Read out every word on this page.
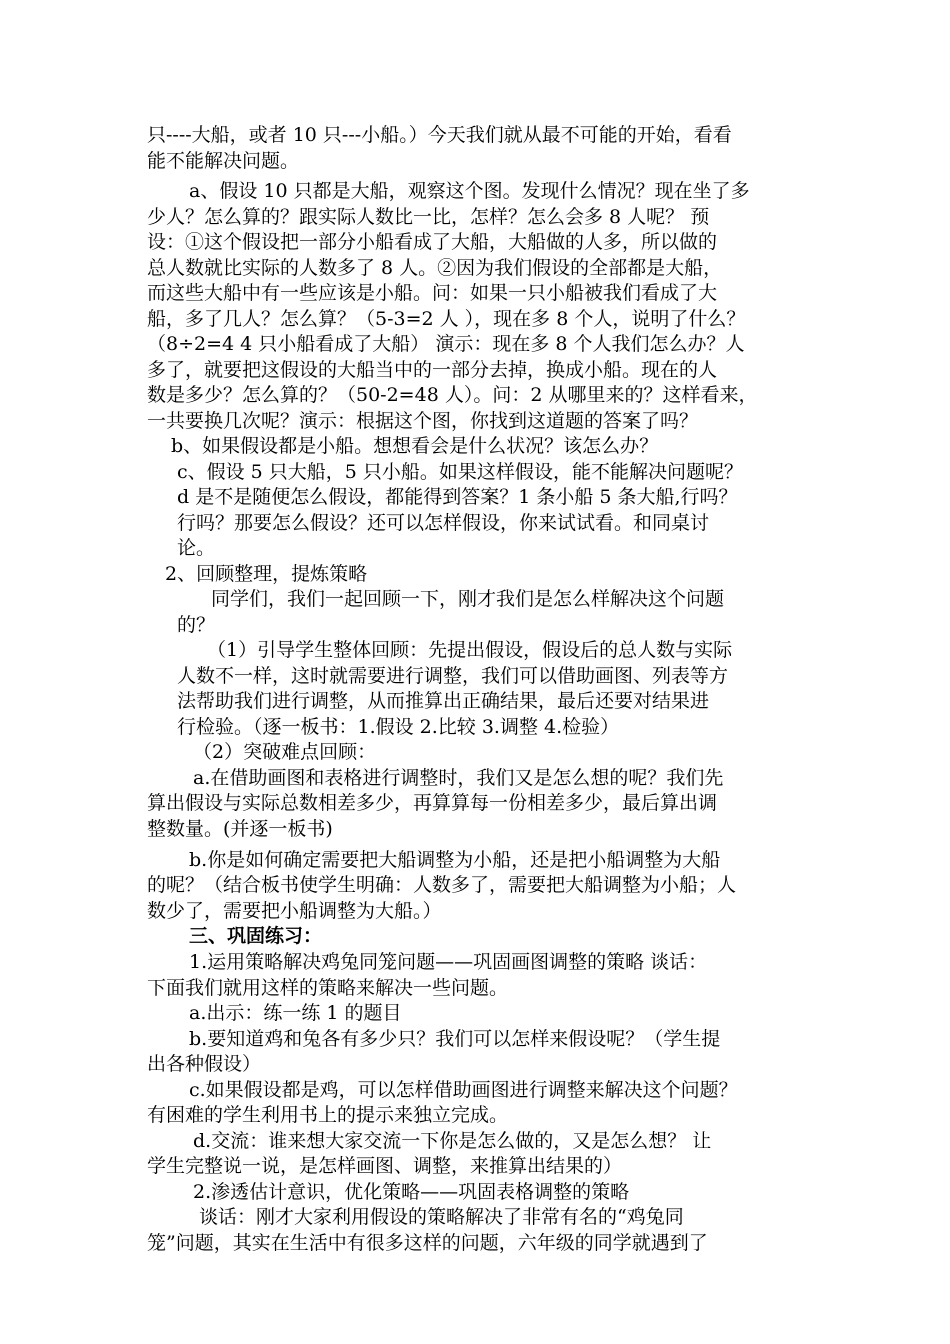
只----大船，或者 10 只---小船。）今天我们就从最不可能的开始，看看
能不能解决问题。
a、假设 10 只都是大船，观察这个图。发现什么情况？现在坐了多
少人？怎么算的？跟实际人数比一比，怎样？怎么会多 8 人呢？ 预
设：①这个假设把一部分小船看成了大船，大船做的人多，所以做的
总人数就比实际的人数多了 8 人。②因为我们假设的全部都是大船，
而这些大船中有一些应该是小船。问：如果一只小船被我们看成了大
船，多了几人？怎么算？（5-3=2 人 ），现在多 8 个人，说明了什么？
（8÷2=4 4 只小船看成了大船） 演示：现在多 8 个人我们怎么办？人
多了，就要把这假设的大船当中的一部分去掉，换成小船。现在的人
数是多少？怎么算的？（50-2=48 人）。问：2 从哪里来的？这样看来，
一共要换几次呢？演示：根据这个图，你找到这道题的答案了吗？
b、如果假设都是小船。想想看会是什么状况？该怎么办？
c、假设 5 只大船，5 只小船。如果这样假设，能不能解决问题呢？
d 是不是随便怎么假设，都能得到答案？1 条小船 5 条大船,行吗？
行吗？那要怎么假设？还可以怎样假设，你来试试看。和同桌讨
论。
2、回顾整理，提炼策略
同学们，我们一起回顾一下，刚才我们是怎么样解决这个问题
的？
（1）引导学生整体回顾：先提出假设，假设后的总人数与实际
人数不一样，这时就需要进行调整，我们可以借助画图、列表等方
法帮助我们进行调整，从而推算出正确结果，最后还要对结果进
行检验。（逐一板书：1.假设 2.比较 3.调整 4.检验）
（2）突破难点回顾：
a.在借助画图和表格进行调整时，我们又是怎么想的呢？我们先
算出假设与实际总数相差多少，再算算每一份相差多少，最后算出调
整数量。(并逐一板书)
b.你是如何确定需要把大船调整为小船，还是把小船调整为大船
的呢？（结合板书使学生明确：人数多了，需要把大船调整为小船；人
数少了，需要把小船调整为大船。）
三、巩固练习：
1.运用策略解决鸡兔同笼问题——巩固画图调整的策略 谈话：
下面我们就用这样的策略来解决一些问题。
a.出示：练一练 1 的题目
b.要知道鸡和兔各有多少只？我们可以怎样来假设呢？（学生提
出各种假设）
c.如果假设都是鸡，可以怎样借助画图进行调整来解决这个问题？
有困难的学生利用书上的提示来独立完成。
d.交流：谁来想大家交流一下你是怎么做的，又是怎么想？ 让
学生完整说一说，是怎样画图、调整，来推算出结果的）
2.渗透估计意识，优化策略——巩固表格调整的策略
谈话：刚才大家利用假设的策略解决了非常有名的“鸡兔同
笼”问题，其实在生活中有很多这样的问题，六年级的同学就遇到了
